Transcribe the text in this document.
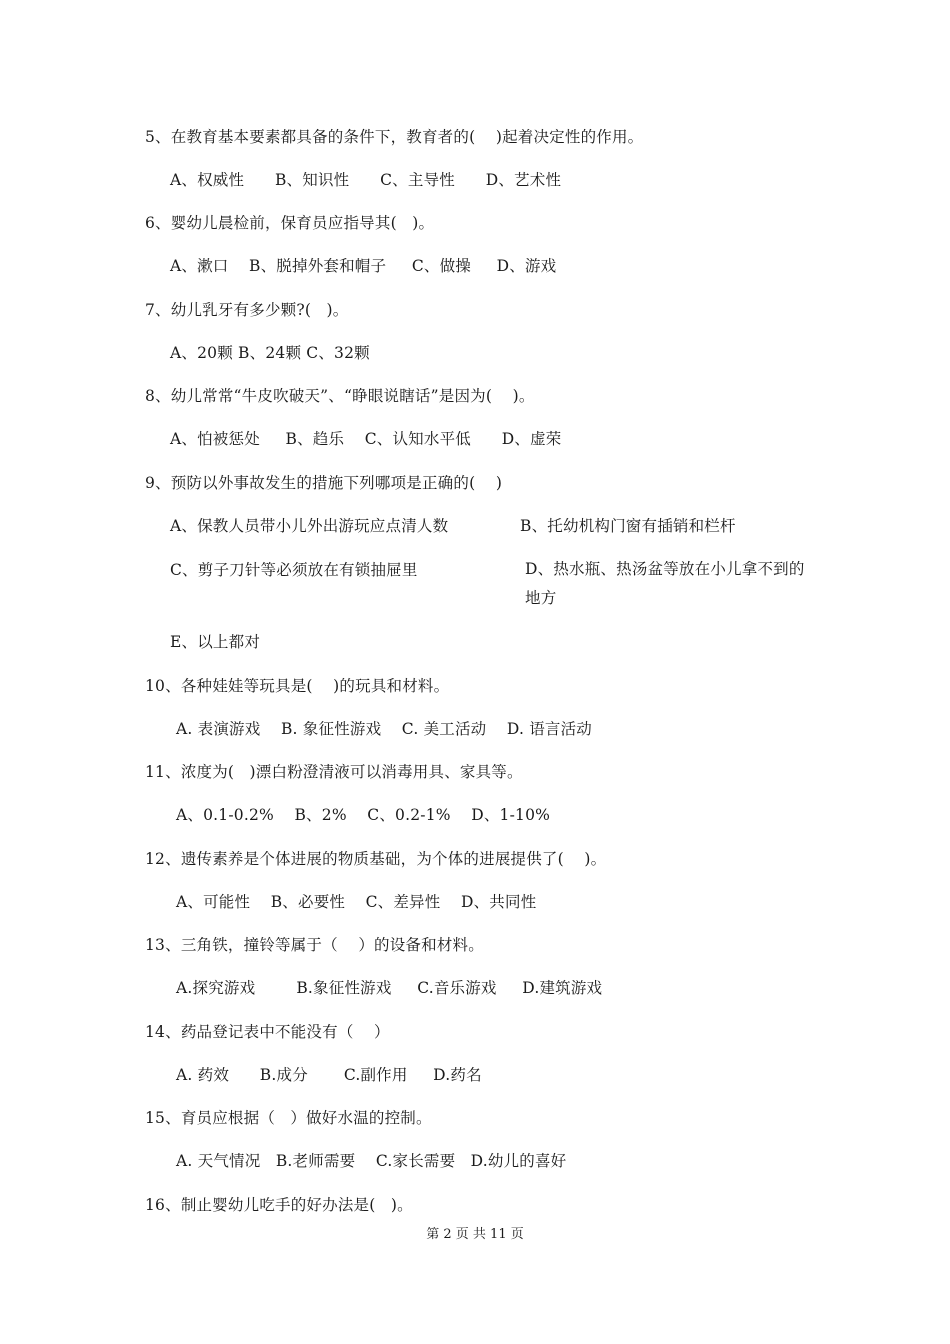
5、在教育基本要素都具备的条件下，教育者的(    )起着决定性的作用。
A、权威性      B、知识性      C、主导性      D、艺术性
6、婴幼儿晨检前，保育员应指导其(   )。
A、漱口    B、脱掉外套和帽子     C、做操     D、游戏
7、幼儿乳牙有多少颗?(   )。
A、20颗 B、24颗 C、32颗
8、幼儿常常“牛皮吹破天”、“睁眼说瞎话”是因为(    )。
A、怕被惩处     B、趋乐    C、认知水平低      D、虚荣
9、预防以外事故发生的措施下列哪项是正确的(    )
A、保教人员带小儿外出游玩应点清人数	B、托幼机构门窗有插销和栏杆
C、剪子刀针等必须放在有锁抽屉里	D、热水瓶、热汤盆等放在小儿拿不到的地方
E、以上都对
10、各种娃娃等玩具是(    )的玩具和材料。
A. 表演游戏    B. 象征性游戏    C. 美工活动    D. 语言活动
11、浓度为(   )漂白粉澄清液可以消毒用具、家具等。
A、0.1-0.2%    B、2%    C、0.2-1%    D、1-10%
12、遗传素养是个体进展的物质基础，为个体的进展提供了(    )。
A、可能性    B、必要性    C、差异性    D、共同性
13、三角铁，撞铃等属于（    ）的设备和材料。
A.探究游戏        B.象征性游戏     C.音乐游戏     D.建筑游戏
14、药品登记表中不能没有（    ）
A. 药效      B.成分       C.副作用     D.药名
15、育员应根据（   ）做好水温的控制。
A. 天气情况   B.老师需要    C.家长需要   D.幼儿的喜好
16、制止婴幼儿吃手的好办法是(   )。
第 2 页 共 11 页
